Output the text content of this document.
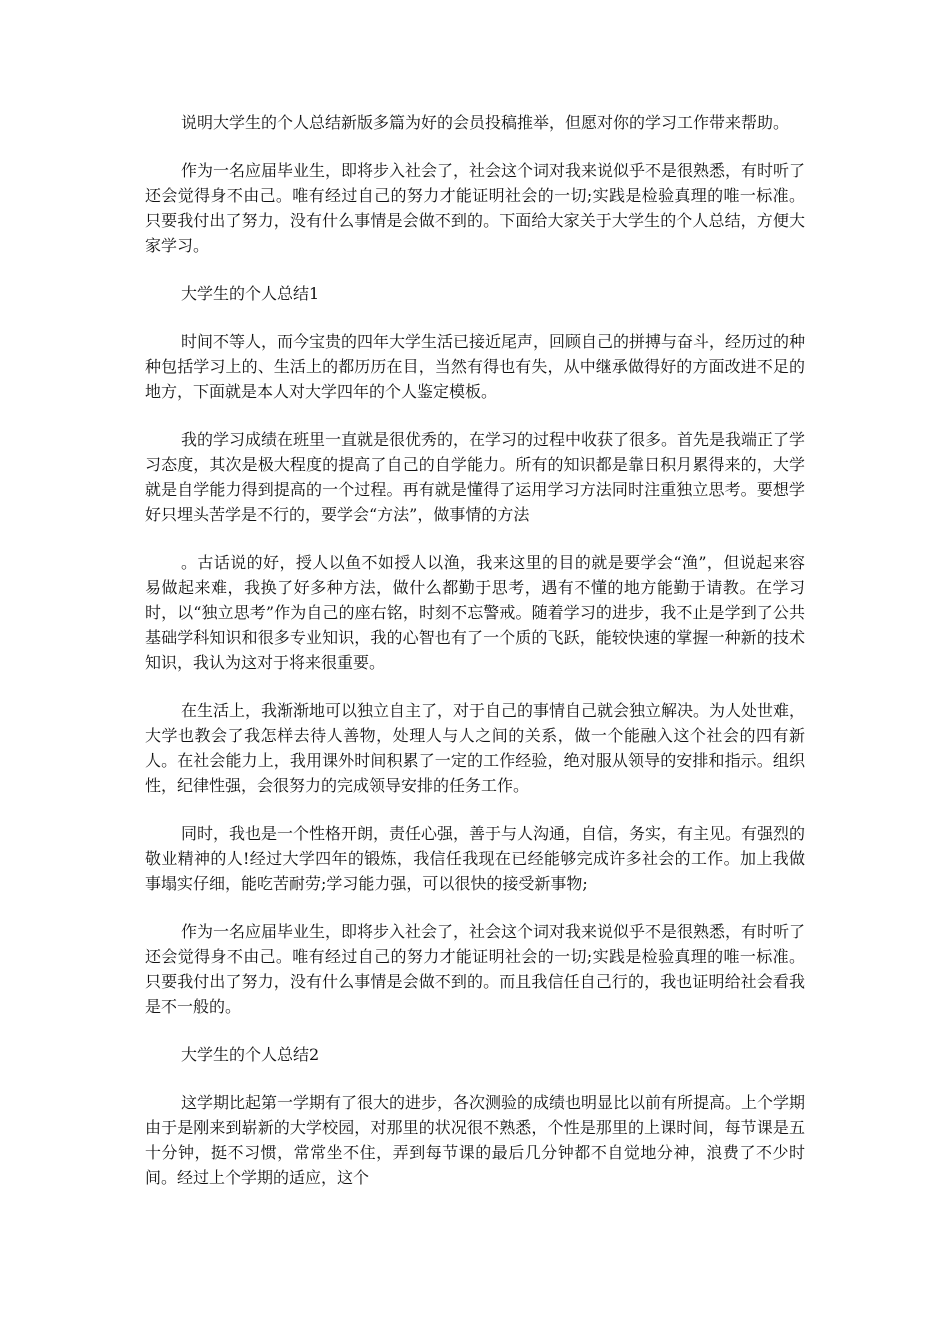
说明大学生的个人总结新版多篇为好的会员投稿推举，但愿对你的学习工作带来帮助。

作为一名应届毕业生，即将步入社会了，社会这个词对我来说似乎不是很熟悉，有时听了还会觉得身不由己。唯有经过自己的努力才能证明社会的一切;实践是检验真理的唯一标准。只要我付出了努力，没有什么事情是会做不到的。下面给大家关于大学生的个人总结，方便大家学习。

大学生的个人总结1

时间不等人，而今宝贵的四年大学生活已接近尾声，回顾自己的拼搏与奋斗，经历过的种种包括学习上的、生活上的都历历在目，当然有得也有失，从中继承做得好的方面改进不足的地方，下面就是本人对大学四年的个人鉴定模板。

我的学习成绩在班里一直就是很优秀的，在学习的过程中收获了很多。首先是我端正了学习态度，其次是极大程度的提高了自己的自学能力。所有的知识都是靠日积月累得来的，大学就是自学能力得到提高的一个过程。再有就是懂得了运用学习方法同时注重独立思考。要想学好只埋头苦学是不行的，要学会“方法”，做事情的方法

。古话说的好，授人以鱼不如授人以渔，我来这里的目的就是要学会“渔”，但说起来容易做起来难，我换了好多种方法，做什么都勤于思考，遇有不懂的地方能勤于请教。在学习时，以“独立思考”作为自己的座右铭，时刻不忘警戒。随着学习的进步，我不止是学到了公共基础学科知识和很多专业知识，我的心智也有了一个质的飞跃，能较快速的掌握一种新的技术知识，我认为这对于将来很重要。

在生活上，我渐渐地可以独立自主了，对于自己的事情自己就会独立解决。为人处世难，大学也教会了我怎样去待人善物，处理人与人之间的关系，做一个能融入这个社会的四有新人。在社会能力上，我用课外时间积累了一定的工作经验，绝对服从领导的安排和指示。组织性，纪律性强，会很努力的完成领导安排的任务工作。

同时，我也是一个性格开朗，责任心强，善于与人沟通，自信，务实，有主见。有强烈的敬业精神的人!经过大学四年的锻炼，我信任我现在已经能够完成许多社会的工作。加上我做事塌实仔细，能吃苦耐劳;学习能力强，可以很快的接受新事物;

作为一名应届毕业生，即将步入社会了，社会这个词对我来说似乎不是很熟悉，有时听了还会觉得身不由己。唯有经过自己的努力才能证明社会的一切;实践是检验真理的唯一标准。只要我付出了努力，没有什么事情是会做不到的。而且我信任自己行的，我也证明给社会看我是不一般的。

大学生的个人总结2

这学期比起第一学期有了很大的进步，各次测验的成绩也明显比以前有所提高。上个学期由于是刚来到崭新的大学校园，对那里的状况很不熟悉，个性是那里的上课时间，每节课是五十分钟，挺不习惯，常常坐不住，弄到每节课的最后几分钟都不自觉地分神，浪费了不少时间。经过上个学期的适应，这个
